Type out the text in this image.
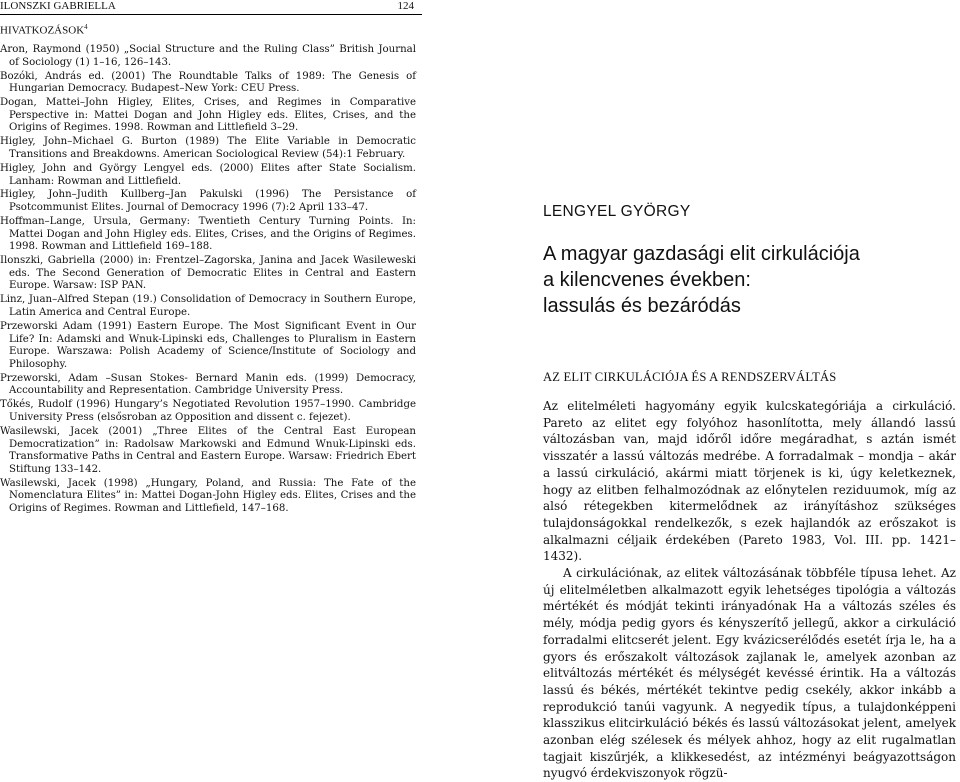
ILONSZKI GABRIELLA	124
HIVATKOZÁSOK$^4$

Aron, Raymond (1950) „Social Structure and the Ruling Class” British Journal of Sociology (1) 1–16, 126–143.

Bozóki, András ed. (2001) The Roundtable Talks of 1989: The Genesis of Hungarian Democracy. Budapest–New York: CEU Press.

Dogan, Mattei–John Higley, Elites, Crises, and Regimes in Comparative Perspective in: Mattei Dogan and John Higley eds. Elites, Crises, and the Origins of Regimes. 1998. Rowman and Littlefield 3–29.

Higley, John–Michael G. Burton (1989) The Elite Variable in Democratic Transitions and Breakdowns. American Sociological Review (54):1 February.

Higley, John and György Lengyel eds. (2000) Elites after State Socialism. Lanham: Rowman and Littlefield.

Higley, John–Judith Kullberg–Jan Pakulski (1996) The Persistance of Psotcommunist Elites. Journal of Democracy 1996 (7):2 April 133–47.

Hoffman–Lange, Ursula, Germany: Twentieth Century Turning Points. In: Mattei Dogan and John Higley eds. Elites, Crises, and the Origins of Regimes. 1998. Rowman and Littlefield 169–188.

Ilonszki, Gabriella (2000) in: Frentzel–Zagorska, Janina and Jacek Wasileweski eds. The Second Generation of Democratic Elites in Central and Eastern Europe. Warsaw: ISP PAN.

Linz, Juan–Alfred Stepan (19.) Consolidation of Democracy in Southern Europe, Latin America and Central Europe.

Przeworski Adam (1991) Eastern Europe. The Most Significant Event in Our Life? In: Adamski and Wnuk-Lipinski eds, Challenges to Pluralism in Eastern Europe. Warszawa: Polish Academy of Science/Institute of Sociology and Philosophy.

Przeworski, Adam –Susan Stokes- Bernard Manin eds. (1999) Democracy, Accountability and Representation. Cambridge University Press.

Tőkés, Rudolf (1996) Hungary’s Negotiated Revolution 1957–1990. Cambridge University Press (elsősroban az Opposition and dissent c. fejezet).

Wasilewski, Jacek (2001) „Three Elites of the Central East European Democratization” in: Radolsaw Markowski and Edmund Wnuk-Lipinski eds. Transformative Paths in Central and Eastern Europe. Warsaw: Friedrich Ebert Stiftung 133–142.

Wasilewski, Jacek (1998) „Hungary, Poland, and Russia: The Fate of the Nomenclatura Elites” in: Mattei Dogan-John Higley eds. Elites, Crises and the Origins of Regimes. Rowman and Littlefield, 147–168.

LENGYEL GYÖRGY
A magyar gazdasági elit cirkulációja
a kilencvenes években:
lassulás és bezáródás
AZ ELIT CIRKULÁCIÓJA ÉS A RENDSZERVÁLTÁS

Az elitelméleti hagyomány egyik kulcskategóriája a cirkuláció. Pareto az elitet egy folyóhoz hasonlította, mely állandó lassú változásban van, majd időről időre megáradhat, s aztán ismét visszatér a lassú változás medrébe. A forradalmak – mondja – akár a lassú cirkuláció, akármi miatt törjenek is ki, úgy keletkeznek, hogy az elitben felhalmozódnak az előnytelen reziduumok, míg az alsó rétegekben kitermelődnek az irányításhoz szükséges tulajdonságokkal rendelkezők, s ezek hajlandók az erőszakot is alkalmazni céljaik érdekében (Pareto 1983, Vol. III. pp. 1421–1432).

A cirkulációnak, az elitek változásának többféle típusa lehet. Az új elitelméletben alkalmazott egyik lehetséges tipológia a változás mértékét és módját tekinti irányadónak Ha a változás széles és mély, módja pedig gyors és kényszerítő jellegű, akkor a cirkuláció forradalmi elitcserét jelent. Egy kvázicserélődés esetét írja le, ha a gyors és erőszakolt változások zajlanak le, amelyek azonban az elitváltozás mértékét és mélységét kevéssé érintik. Ha a változás lassú és békés, mértékét tekintve pedig csekély, akkor inkább a reprodukció tanúi vagyunk. A negyedik típus, a tulajdonképpeni klasszikus elitcirkuláció békés és lassú változásokat jelent, amelyek azonban elég szélesek és mélyek ahhoz, hogy az elit rugalmatlan tagjait kiszűrjék, a klikkesedést, az intézményi beágyazottságon nyugvó érdekviszonyok rögzü-
